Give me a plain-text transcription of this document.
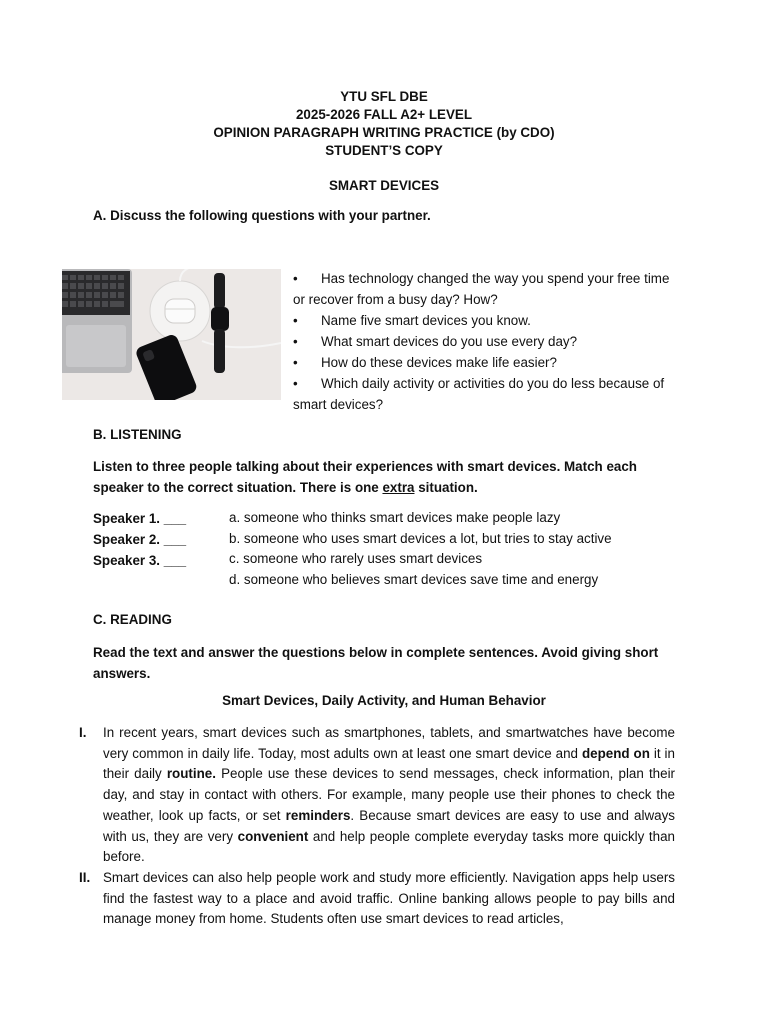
YTU SFL DBE
2025-2026 FALL A2+ LEVEL
OPINION PARAGRAPH WRITING PRACTICE (by CDO)
STUDENT’S COPY
SMART DEVICES
A. Discuss the following questions with your partner.
• Has technology changed the way you spend your free time or recover from a busy day? How?
• Name five smart devices you know.
• What smart devices do you use every day?
• How do these devices make life easier?
• Which daily activity or activities do you do less because of smart devices?
B. LISTENING
Listen to three people talking about their experiences with smart devices. Match each speaker to the correct situation. There is one extra situation.
Speaker 1. ___
Speaker 2. ___
Speaker 3. ___
a. someone who thinks smart devices make people lazy
b. someone who uses smart devices a lot, but tries to stay active
c. someone who rarely uses smart devices
d. someone who believes smart devices save time and energy
C. READING
Read the text and answer the questions below in complete sentences. Avoid giving short answers.
Smart Devices, Daily Activity, and Human Behavior
I. In recent years, smart devices such as smartphones, tablets, and smartwatches have become very common in daily life. Today, most adults own at least one smart device and depend on it in their daily routine. People use these devices to send messages, check information, plan their day, and stay in contact with others. For example, many people use their phones to check the weather, look up facts, or set reminders. Because smart devices are easy to use and always with us, they are very convenient and help people complete everyday tasks more quickly than before.
II. Smart devices can also help people work and study more efficiently. Navigation apps help users find the fastest way to a place and avoid traffic. Online banking allows people to pay bills and manage money from home. Students often use smart devices to read articles,
